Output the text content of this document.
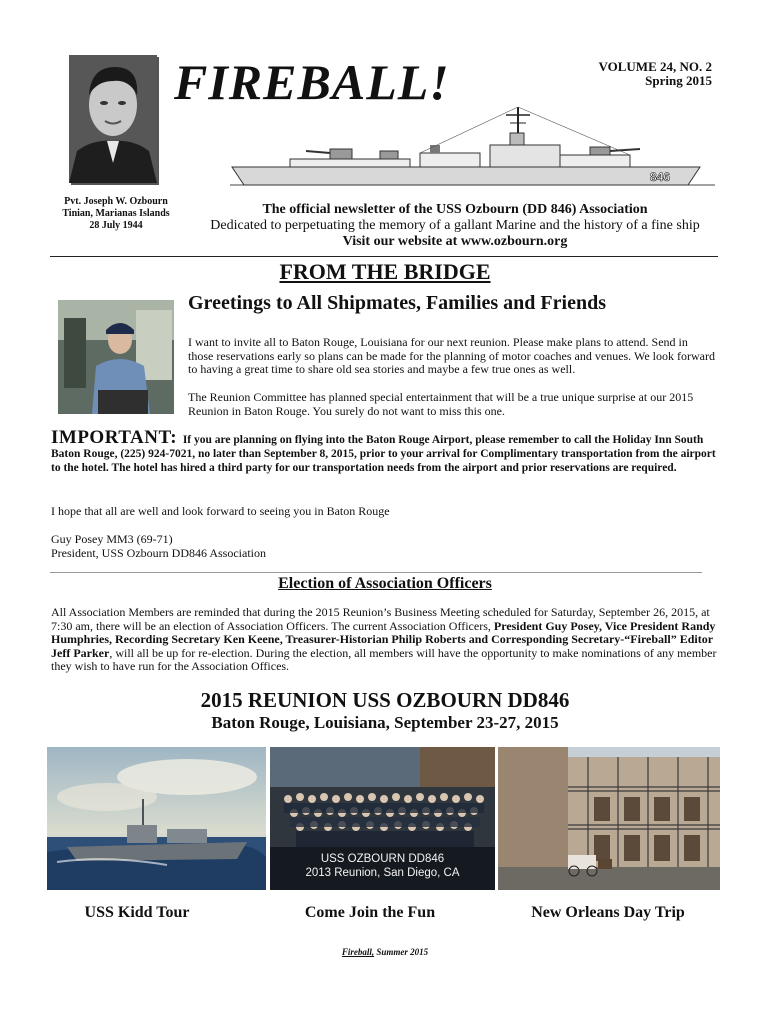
Pvt. Joseph W. Ozbourn
Tinian, Marianas Islands
28 July 1944
FIREBALL!	VOLUME 24, NO. 2
Spring 2015
846
The official newsletter of the USS Ozbourn (DD 846) Association
Dedicated to perpetuating the memory of a gallant Marine and the history of a fine ship
Visit our website at www.ozbourn.org
FROM THE BRIDGE
Greetings to All Shipmates, Families and Friends
I want to invite all to Baton Rouge, Louisiana for our next reunion. Please make plans to attend. Send in those reservations early so plans can be made for the planning of motor coaches and venues. We look forward to having a great time to share old sea stories and maybe a few true ones as well.
The Reunion Committee has planned special entertainment that will be a true unique surprise at our 2015 Reunion in Baton Rouge. You surely do not want to miss this one.
IMPORTANT: If you are planning on flying into the Baton Rouge Airport, please remember to call the Holiday Inn South Baton Rouge, (225) 924-7021, no later than September 8, 2015, prior to your arrival for Complimentary transportation from the airport to the hotel. The hotel has hired a third party for our transportation needs from the airport and prior reservations are required.
I hope that all are well and look forward to seeing you in Baton Rouge
Guy Posey MM3 (69-71)
President, USS Ozbourn DD846 Association
Election of Association Officers
All Association Members are reminded that during the 2015 Reunion’s Business Meeting scheduled for Saturday, September 26, 2015, at 7:30 am, there will be an election of Association Officers. The current Association Officers, President Guy Posey, Vice President Randy Humphries, Recording Secretary Ken Keene, Treasurer-Historian Philip Roberts and Corresponding Secretary-“Fireball” Editor Jeff Parker, will all be up for re-election. During the election, all members will have the opportunity to make nominations of any member they wish to have run for the Association Offices.
2015 REUNION USS OZBOURN DD846
Baton Rouge, Louisiana, September 23-27, 2015
USS OZBOURN DD846
2013 Reunion, San Diego, CA
USS Kidd Tour	Come Join the Fun	New Orleans Day Trip
Fireball, Summer 2015
